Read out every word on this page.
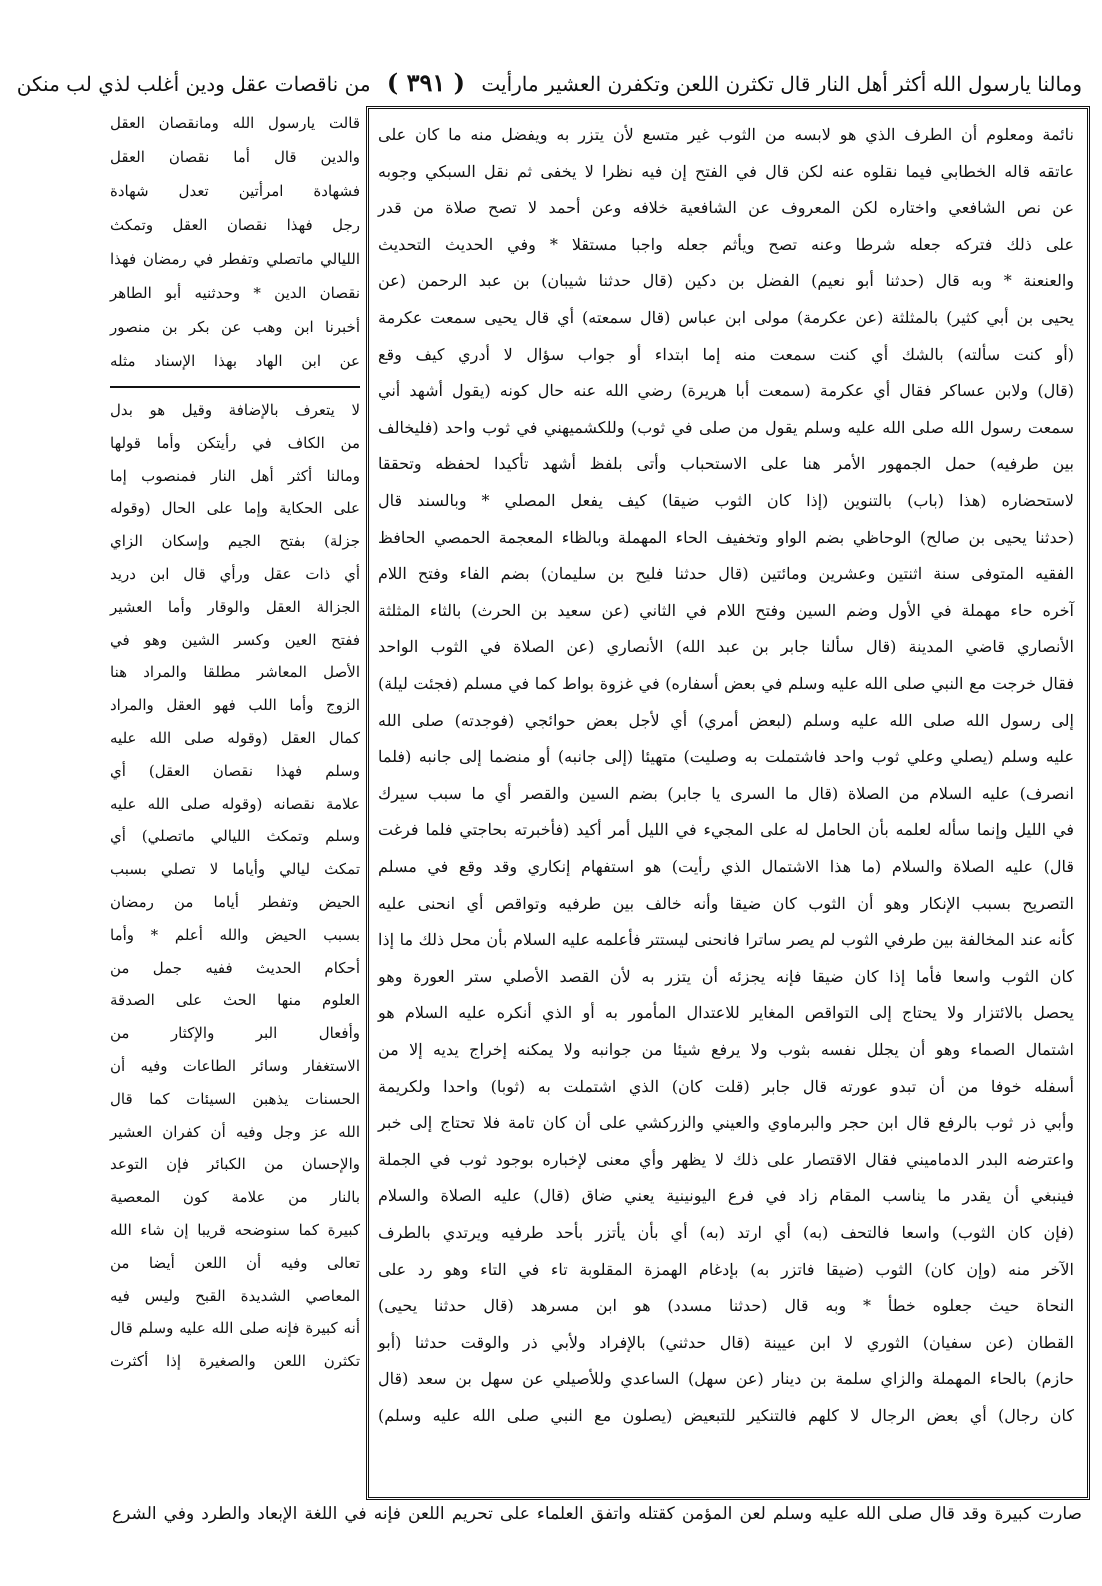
ومالنا يارسول الله أكثر أهل النار قال تكثرن اللعن وتكفرن العشير مارأيت ( ٣٩١ ) من ناقصات عقل ودين أغلب لذي لب منكن
نائمة ومعلوم أن الطرف الذي هو لابسه من الثوب غير متسع لأن يتزر به ويفضل منه ما كان على
عاتقه قاله الخطابي فيما نقلوه عنه لكن قال في الفتح إن فيه نظرا لا يخفى ثم نقل السبكي وجوبه
عن نص الشافعي واختاره لكن المعروف عن الشافعية خلافه وعن أحمد لا تصح صلاة من قدر
على ذلك فتركه جعله شرطا وعنه تصح ويأثم جعله واجبا مستقلا * وفي الحديث التحديث
والعنعنة * وبه قال (حدثنا أبو نعيم) الفضل بن دكين (قال حدثنا شيبان) بن عبد الرحمن (عن
يحيى بن أبي كثير) بالمثلثة (عن عكرمة) مولى ابن عباس (قال سمعته) أي قال يحيى سمعت عكرمة
(أو كنت سألته) بالشك أي كنت سمعت منه إما ابتداء أو جواب سؤال لا أدري كيف وقع
(قال) ولابن عساكر فقال أي عكرمة (سمعت أبا هريرة) رضي الله عنه حال كونه (يقول أشهد أني
سمعت رسول الله صلى الله عليه وسلم يقول من صلى في ثوب) وللكشميهني في ثوب واحد (فليخالف
بين طرفيه) حمل الجمهور الأمر هنا على الاستحباب وأتى بلفظ أشهد تأكيدا لحفظه وتحققا
لاستحضاره (هذا (باب) بالتنوين (إذا كان الثوب ضيقا) كيف يفعل المصلي * وبالسند قال
(حدثنا يحيى بن صالح) الوحاظي بضم الواو وتخفيف الحاء المهملة وبالظاء المعجمة الحمصي الحافظ
الفقيه المتوفى سنة اثنتين وعشرين ومائتين (قال حدثنا فليح بن سليمان) بضم الفاء وفتح اللام
آخره حاء مهملة في الأول وضم السين وفتح اللام في الثاني (عن سعيد بن الحرث) بالثاء المثلثة
الأنصاري قاضي المدينة (قال سألنا جابر بن عبد الله) الأنصاري (عن الصلاة في الثوب الواحد
فقال خرجت مع النبي صلى الله عليه وسلم في بعض أسفاره) في غزوة بواط كما في مسلم (فجئت ليلة)
إلى رسول الله صلى الله عليه وسلم (لبعض أمري) أي لأجل بعض حوائجي (فوجدته) صلى الله
عليه وسلم (يصلي وعلي ثوب واحد فاشتملت به وصليت) متهيئا (إلى جانبه) أو منضما إلى جانبه (فلما
انصرف) عليه السلام من الصلاة (قال ما السرى يا جابر) بضم السين والقصر أي ما سبب سيرك
في الليل وإنما سأله لعلمه بأن الحامل له على المجيء في الليل أمر أكيد (فأخبرته بحاجتي فلما فرغت
قال) عليه الصلاة والسلام (ما هذا الاشتمال الذي رأيت) هو استفهام إنكاري وقد وقع في مسلم
التصريح بسبب الإنكار وهو أن الثوب كان ضيقا وأنه خالف بين طرفيه وتواقص أي انحنى عليه
كأنه عند المخالفة بين طرفي الثوب لم يصر ساترا فانحنى ليستتر فأعلمه عليه السلام بأن محل ذلك ما إذا
كان الثوب واسعا فأما إذا كان ضيقا فإنه يجزئه أن يتزر به لأن القصد الأصلي ستر العورة وهو
يحصل بالائتزار ولا يحتاج إلى التواقص المغاير للاعتدال المأمور به أو الذي أنكره عليه السلام هو
اشتمال الصماء وهو أن يجلل نفسه بثوب ولا يرفع شيئا من جوانبه ولا يمكنه إخراج يديه إلا من
أسفله خوفا من أن تبدو عورته قال جابر (قلت كان) الذي اشتملت به (ثوبا) واحدا ولكريمة
وأبي ذر ثوب بالرفع قال ابن حجر والبرماوي والعيني والزركشي على أن كان تامة فلا تحتاج إلى خبر
واعترضه البدر الدماميني فقال الاقتصار على ذلك لا يظهر وأي معنى لإخباره بوجود ثوب في الجملة
فينبغي أن يقدر ما يناسب المقام زاد في فرع اليونينية يعني ضاق (قال) عليه الصلاة والسلام
(فإن كان الثوب) واسعا فالتحف (به) أي ارتد (به) أي بأن يأتزر بأحد طرفيه ويرتدي بالطرف
الآخر منه (وإن كان) الثوب (ضيقا فاتزر به) بإدغام الهمزة المقلوبة تاء في التاء وهو رد على
النحاة حيث جعلوه خطأ * وبه قال (حدثنا مسدد) هو ابن مسرهد (قال حدثنا يحيى)
القطان (عن سفيان) الثوري لا ابن عيينة (قال حدثني) بالإفراد ولأبي ذر والوقت حدثنا (أبو
حازم) بالحاء المهملة والزاي سلمة بن دينار (عن سهل) الساعدي وللأصيلي عن سهل بن سعد (قال
كان رجال) أي بعض الرجال لا كلهم فالتنكير للتبعيض (يصلون مع النبي صلى الله عليه وسلم)
قالت يارسول الله ومانقصان العقل
والدين قال أما نقصان العقل
فشهادة امرأتين تعدل شهادة
رجل فهذا نقصان العقل وتمكث
الليالي ماتصلي وتفطر في رمضان فهذا
نقصان الدين * وحدثنيه أبو الطاهر
أخبرنا ابن وهب عن بكر بن منصور
عن ابن الهاد بهذا الإسناد مثله
لا يتعرف بالإضافة وقيل هو بدل
من الكاف في رأيتكن وأما قولها
ومالنا أكثر أهل النار فمنصوب إما
على الحكاية وإما على الحال (وقوله
جزلة) بفتح الجيم وإسكان الزاي
أي ذات عقل ورأي قال ابن دريد
الجزالة العقل والوقار وأما العشير
ففتح العين وكسر الشين وهو في
الأصل المعاشر مطلقا والمراد هنا
الزوج وأما اللب فهو العقل والمراد
كمال العقل (وقوله صلى الله عليه
وسلم فهذا نقصان العقل) أي
علامة نقصانه (وقوله صلى الله عليه
وسلم وتمكث الليالي ماتصلي) أي
تمكث ليالي وأياما لا تصلي بسبب
الحيض وتفطر أياما من رمضان
بسبب الحيض والله أعلم * وأما
أحكام الحديث ففيه جمل من
العلوم منها الحث على الصدقة
وأفعال البر والإكثار من
الاستغفار وسائر الطاعات وفيه أن
الحسنات يذهبن السيئات كما قال
الله عز وجل وفيه أن كفران العشير
والإحسان من الكبائر فإن التوعد
بالنار من علامة كون المعصية
كبيرة كما سنوضحه قريبا إن شاء الله
تعالى وفيه أن اللعن أيضا من
المعاصي الشديدة القبح وليس فيه
أنه كبيرة فإنه صلى الله عليه وسلم قال
تكثرن اللعن والصغيرة إذا أكثرت
صارت كبيرة وقد قال صلى الله عليه وسلم لعن المؤمن كقتله واتفق العلماء على تحريم اللعن فإنه في اللغة الإبعاد والطرد وفي الشرع
